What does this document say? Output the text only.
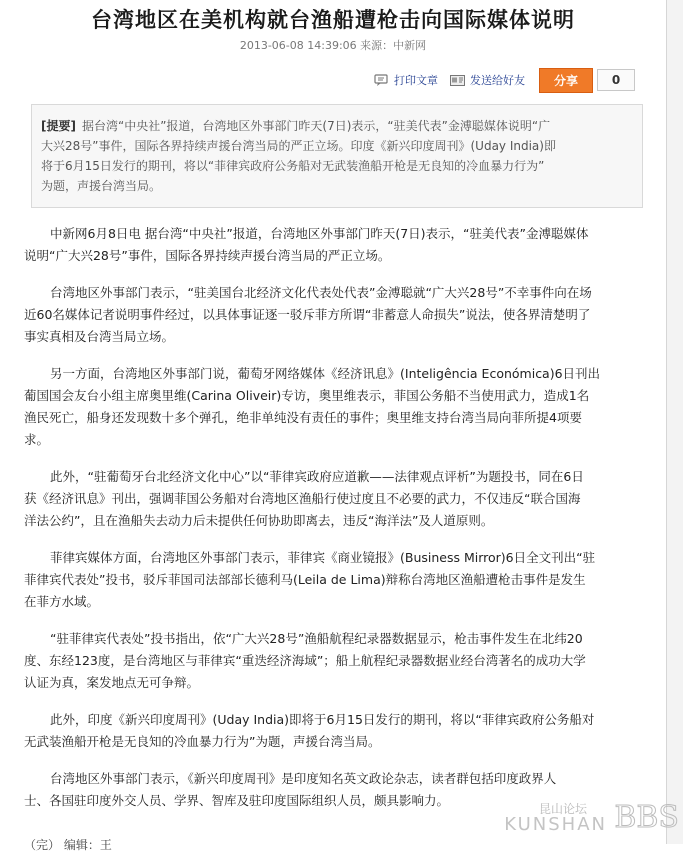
台湾地区在美机构就台渔船遭枪击向国际媒体说明
2013-06-08 14:39:06 来源：中新网
打印文章	发送给好友	分享	0
[提要] 据台湾“中央社”报道，台湾地区外事部门昨天(7日)表示，“驻美代表”金溥聪媒体说明“广
大兴28号”事件，国际各界持续声援台湾当局的严正立场。印度《新兴印度周刊》(Uday India)即
将于6月15日发行的期刊，将以“菲律宾政府公务船对无武装渔船开枪是无良知的冷血暴力行为”
为题，声援台湾当局。

中新网6月8日电 据台湾“中央社”报道，台湾地区外事部门昨天(7日)表示，“驻美代表”金溥聪媒体
说明“广大兴28号”事件，国际各界持续声援台湾当局的严正立场。

台湾地区外事部门表示，“驻美国台北经济文化代表处代表”金溥聪就“广大兴28号”不幸事件向在场
近60名媒体记者说明事件经过，以具体事证逐一驳斥菲方所谓“非蓄意人命损失”说法，使各界清楚明了
事实真相及台湾当局立场。

另一方面，台湾地区外事部门说，葡萄牙网络媒体《经济讯息》(Inteligência Económica)6日刊出
葡国国会友台小组主席奥里维(Carina Oliveir)专访，奥里维表示，菲国公务船不当使用武力，造成1名
渔民死亡，船身还发现数十多个弹孔，绝非单纯没有责任的事件；奥里维支持台湾当局向菲所提4项要
求。

此外，“驻葡萄牙台北经济文化中心”以“菲律宾政府应道歉——法律观点评析”为题投书，同在6日
获《经济讯息》刊出，强调菲国公务船对台湾地区渔船行使过度且不必要的武力，不仅违反“联合国海
洋法公约”，且在渔船失去动力后未提供任何协助即离去，违反“海洋法”及人道原则。

菲律宾媒体方面，台湾地区外事部门表示，菲律宾《商业镜报》(Business Mirror)6日全文刊出“驻
菲律宾代表处”投书，驳斥菲国司法部部长德利马(Leila de Lima)辩称台湾地区渔船遭枪击事件是发生
在菲方水域。

“驻菲律宾代表处”投书指出，依“广大兴28号”渔船航程纪录器数据显示，枪击事件发生在北纬20
度、东经123度，是台湾地区与菲律宾“重迭经济海域”；船上航程纪录器数据业经台湾著名的成功大学
认证为真，案发地点无可争辩。

此外，印度《新兴印度周刊》(Uday India)即将于6月15日发行的期刊，将以“菲律宾政府公务船对
无武装渔船开枪是无良知的冷血暴力行为”为题，声援台湾当局。

台湾地区外事部门表示，《新兴印度周刊》是印度知名英文政论杂志，读者群包括印度政界人
士、各国驻印度外交人员、学界、智库及驻印度国际组织人员，颇具影响力。

（完） 编辑：王
昆山论坛
KUNSHAN BBS
